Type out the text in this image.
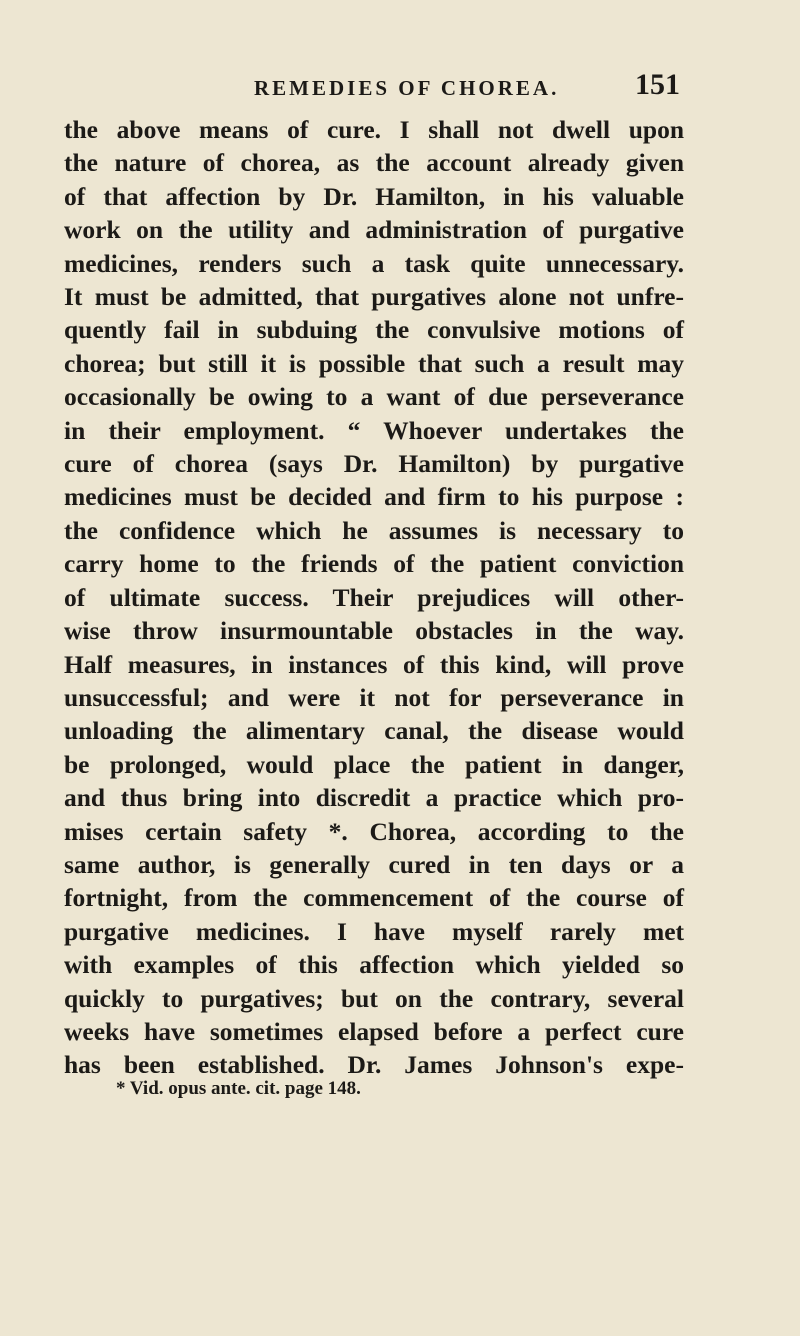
REMEDIES OF CHOREA.	151
the above means of cure. I shall not dwell upon
the nature of chorea, as the account already given
of that affection by Dr. Hamilton, in his valuable
work on the utility and administration of purgative
medicines, renders such a task quite unnecessary.
It must be admitted, that purgatives alone not unfre-
quently fail in subduing the convulsive motions of
chorea; but still it is possible that such a result may
occasionally be owing to a want of due perseverance
in their employment. “ Whoever undertakes the
cure of chorea (says Dr. Hamilton) by purgative
medicines must be decided and firm to his purpose :
the confidence which he assumes is necessary to
carry home to the friends of the patient conviction
of ultimate success. Their prejudices will other-
wise throw insurmountable obstacles in the way.
Half measures, in instances of this kind, will prove
unsuccessful; and were it not for perseverance in
unloading the alimentary canal, the disease would
be prolonged, would place the patient in danger,
and thus bring into discredit a practice which pro-
mises certain safety *. Chorea, according to the
same author, is generally cured in ten days or a
fortnight, from the commencement of the course of
purgative medicines. I have myself rarely met
with examples of this affection which yielded so
quickly to purgatives; but on the contrary, several
weeks have sometimes elapsed before a perfect cure
has been established. Dr. James Johnson's expe-
* Vid. opus ante. cit. page 148.
